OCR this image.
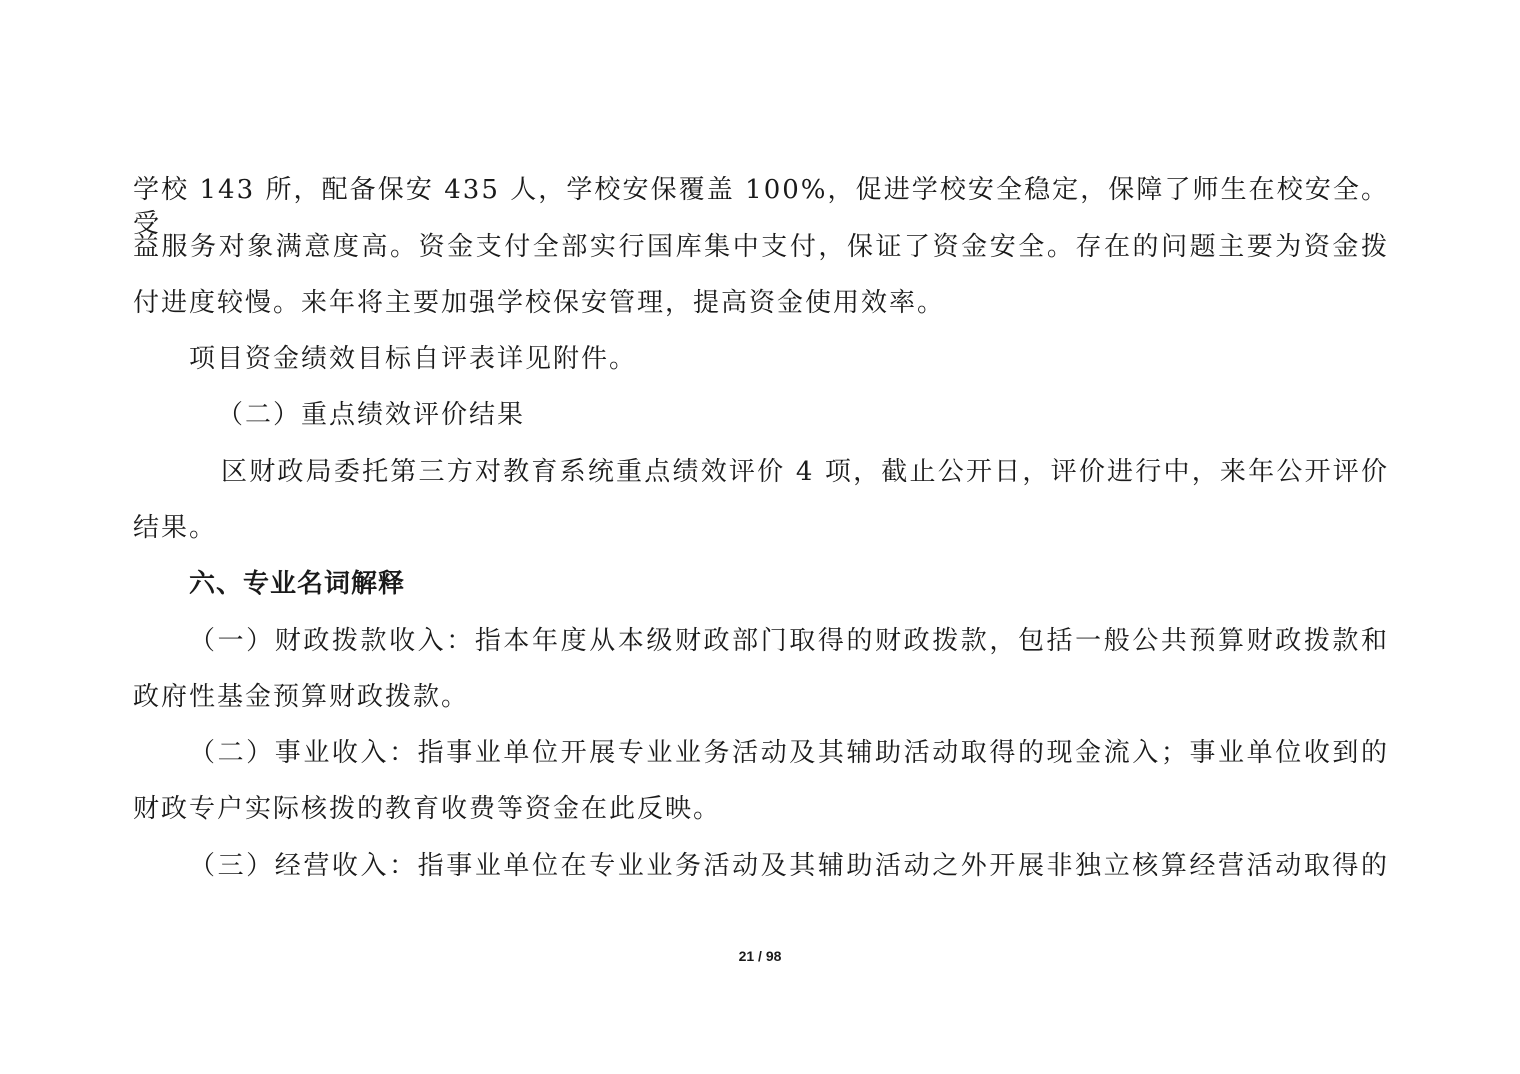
学校 143 所，配备保安 435 人，学校安保覆盖 100%，促进学校安全稳定，保障了师生在校安全。受
益服务对象满意度高。资金支付全部实行国库集中支付，保证了资金安全。存在的问题主要为资金拨
付进度较慢。来年将主要加强学校保安管理，提高资金使用效率。
项目资金绩效目标自评表详见附件。
（二）重点绩效评价结果
区财政局委托第三方对教育系统重点绩效评价 4 项，截止公开日，评价进行中，来年公开评价
结果。
六、专业名词解释
（一）财政拨款收入：指本年度从本级财政部门取得的财政拨款，包括一般公共预算财政拨款和
政府性基金预算财政拨款。
（二）事业收入：指事业单位开展专业业务活动及其辅助活动取得的现金流入；事业单位收到的
财政专户实际核拨的教育收费等资金在此反映。
（三）经营收入：指事业单位在专业业务活动及其辅助活动之外开展非独立核算经营活动取得的
21 / 98
